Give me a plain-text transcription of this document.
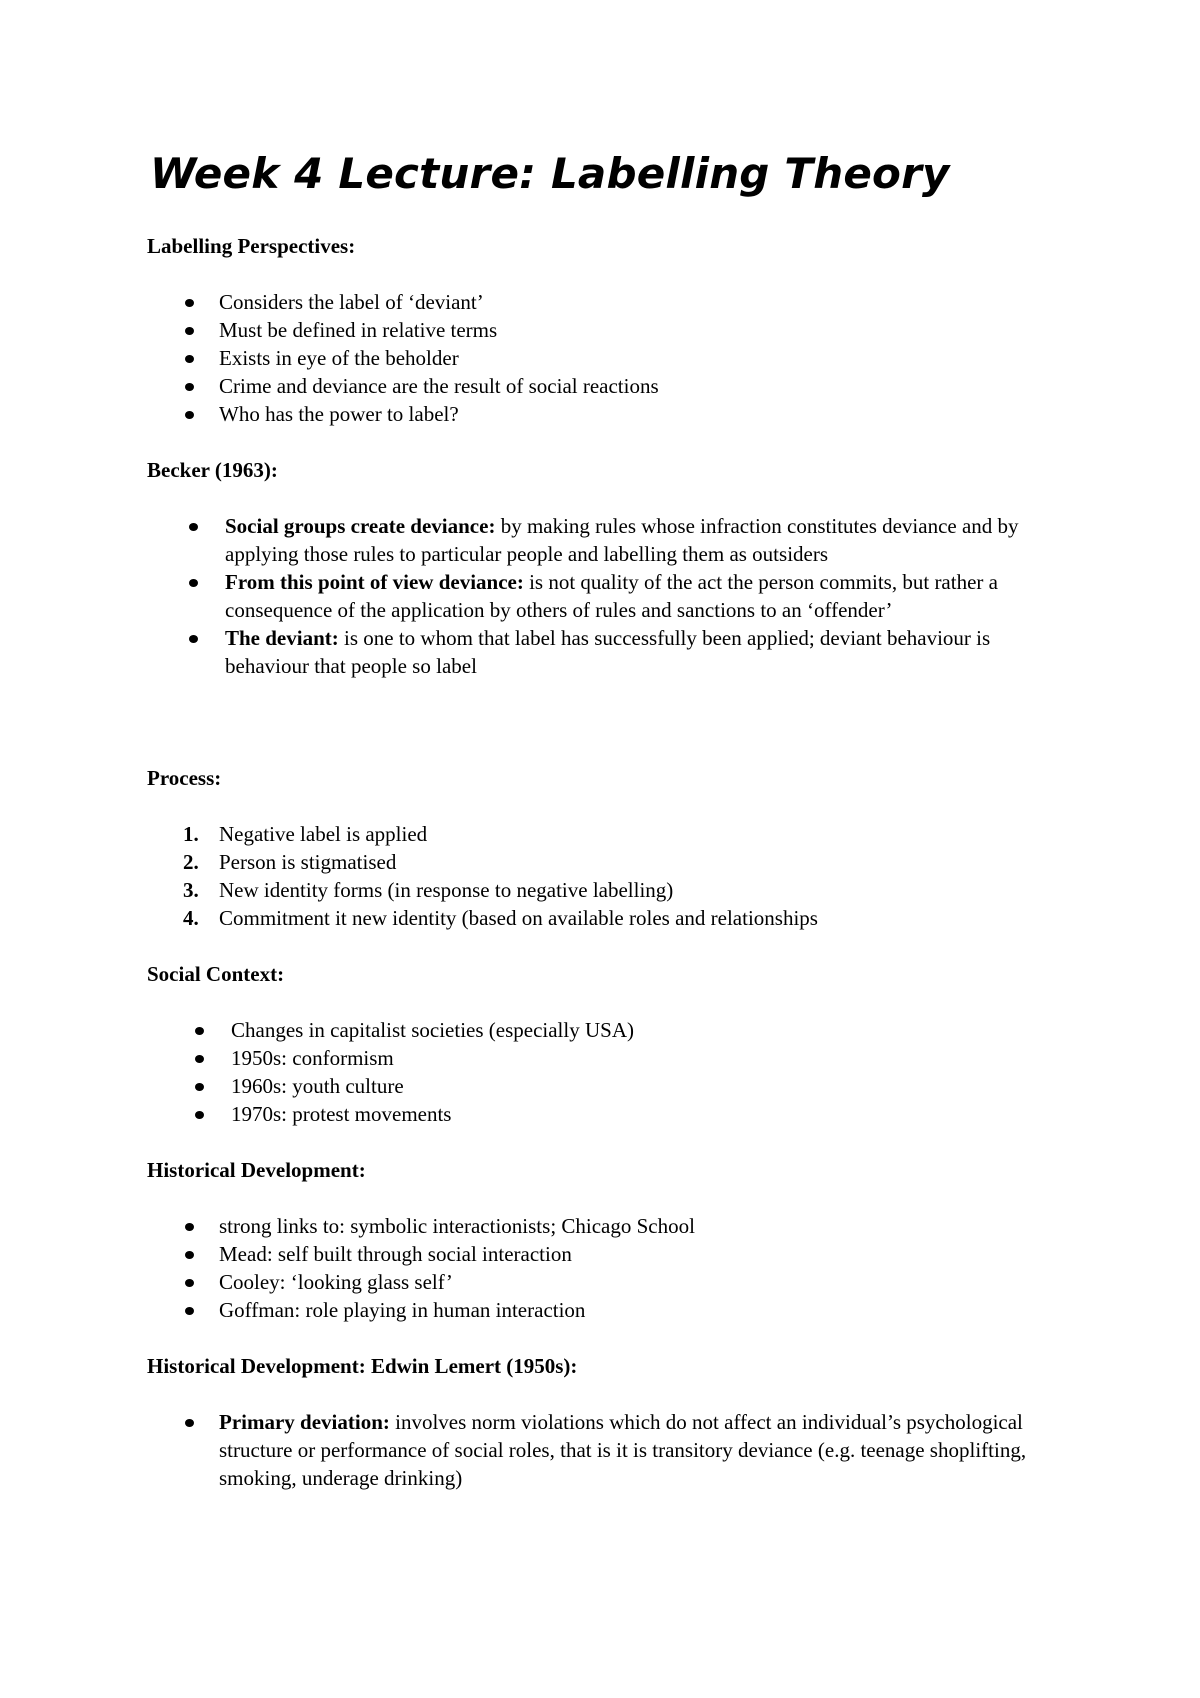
Week 4 Lecture: Labelling Theory

Labelling Perspectives:

Considers the label of ‘deviant’
Must be defined in relative terms
Exists in eye of the beholder
Crime and deviance are the result of social reactions
Who has the power to label?

Becker (1963):

Social groups create deviance: by making rules whose infraction constitutes deviance and by applying those rules to particular people and labelling them as outsiders
From this point of view deviance: is not quality of the act the person commits, but rather a consequence of the application by others of rules and sanctions to an ‘offender’
The deviant: is one to whom that label has successfully been applied; deviant behaviour is behaviour that people so label

Process:

1. Negative label is applied
2. Person is stigmatised
3. New identity forms (in response to negative labelling)
4. Commitment it new identity (based on available roles and relationships

Social Context:

Changes in capitalist societies (especially USA)
1950s: conformism
1960s: youth culture
1970s: protest movements

Historical Development:

strong links to: symbolic interactionists; Chicago School
Mead: self built through social interaction
Cooley: ‘looking glass self’
Goffman: role playing in human interaction

Historical Development: Edwin Lemert (1950s):

Primary deviation: involves norm violations which do not affect an individual’s psychological structure or performance of social roles, that is it is transitory deviance (e.g. teenage shoplifting, smoking, underage drinking)
